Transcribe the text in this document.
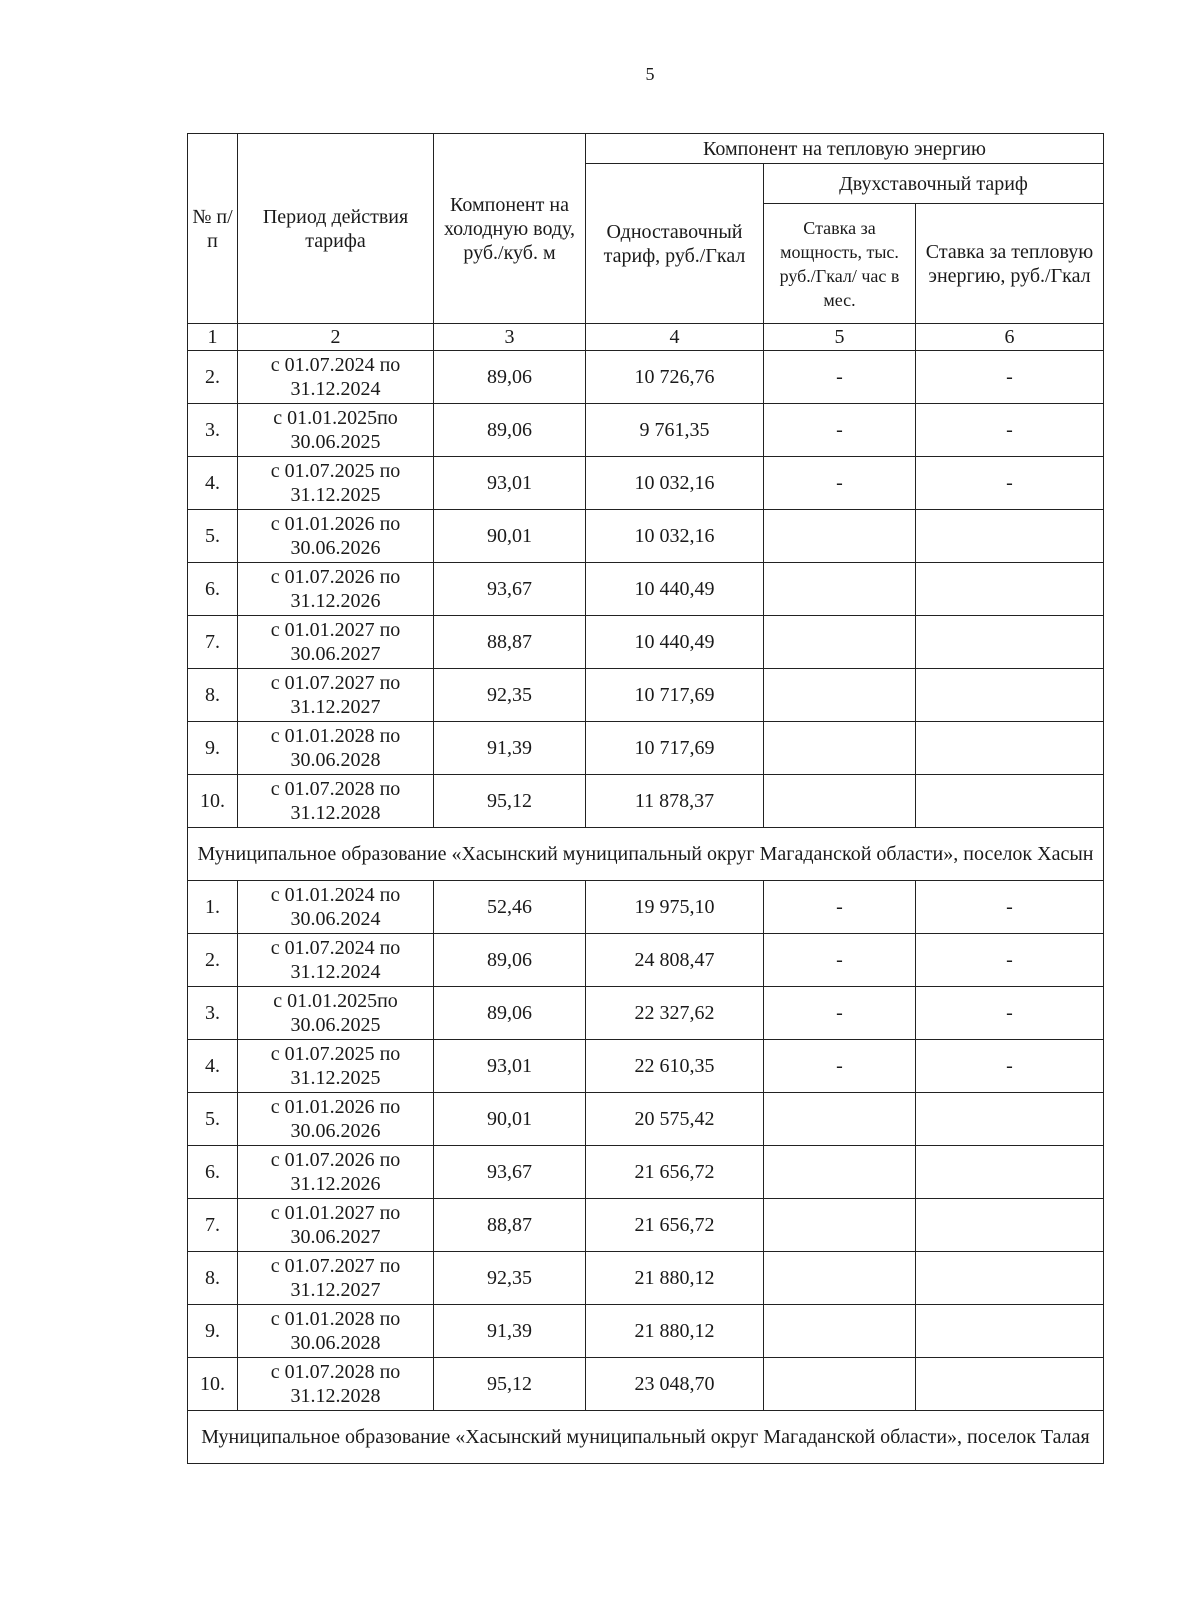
5
№ п/п	Период действия тарифа	Компонент на холодную воду, руб./куб. м	Компонент на тепловую энергию		
			Одноставочный тариф, руб./Гкал	Двухставочный тариф	
				Ставка за мощность, тыс. руб./Гкал/ час в мес.	Ставка за тепловую энергию, руб./Гкал
1	2	3	4	5	6
2.	с 01.07.2024 по 31.12.2024	89,06	10 726,76	-	-
3.	с 01.01.2025по 30.06.2025	89,06	9 761,35	-	-
4.	с 01.07.2025 по 31.12.2025	93,01	10 032,16	-	-
5.	с 01.01.2026 по 30.06.2026	90,01	10 032,16		
6.	с 01.07.2026 по 31.12.2026	93,67	10 440,49		
7.	с 01.01.2027 по 30.06.2027	88,87	10 440,49		
8.	с 01.07.2027 по 31.12.2027	92,35	10 717,69		
9.	с 01.01.2028 по 30.06.2028	91,39	10 717,69		
10.	с 01.07.2028 по 31.12.2028	95,12	11 878,37		
Муниципальное образование «Хасынский муниципальный округ Магаданской области», поселок Хасын					
1.	с 01.01.2024 по 30.06.2024	52,46	19 975,10	-	-
2.	с 01.07.2024 по 31.12.2024	89,06	24 808,47	-	-
3.	с 01.01.2025по 30.06.2025	89,06	22 327,62	-	-
4.	с 01.07.2025 по 31.12.2025	93,01	22 610,35	-	-
5.	с 01.01.2026 по 30.06.2026	90,01	20 575,42		
6.	с 01.07.2026 по 31.12.2026	93,67	21 656,72		
7.	с 01.01.2027 по 30.06.2027	88,87	21 656,72		
8.	с 01.07.2027 по 31.12.2027	92,35	21 880,12		
9.	с 01.01.2028 по 30.06.2028	91,39	21 880,12		
10.	с 01.07.2028 по 31.12.2028	95,12	23 048,70		
Муниципальное образование «Хасынский муниципальный округ Магаданской области», поселок Талая					
